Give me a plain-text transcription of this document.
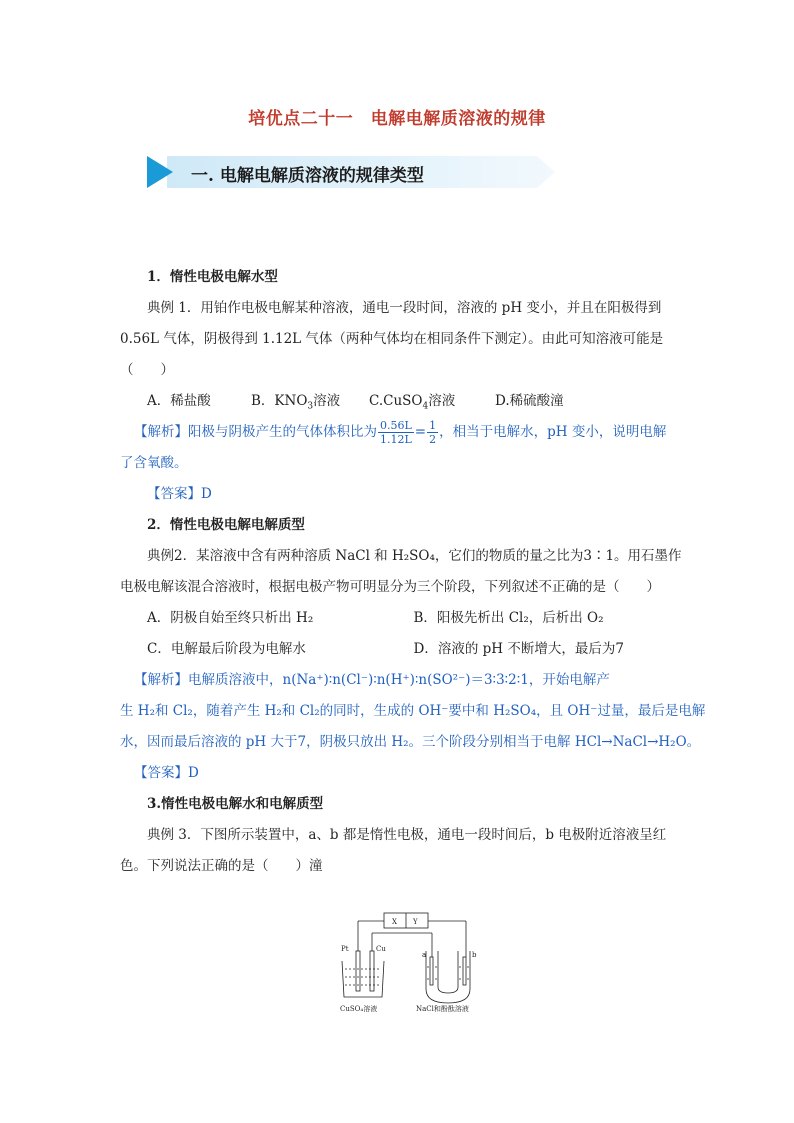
培优点二十一　电解电解质溶液的规律
一. 电解电解质溶液的规律类型

1．惰性电极电解水型

典例 1．用铂作电极电解某种溶液，通电一段时间，溶液的 pH 变小，并且在阳极得到

0.56L 气体，阴极得到 1.12L 气体（两种气体均在相同条件下测定）。由此可知溶液可能是

（　　）

A．稀盐酸	B．$KNO_3$溶液	C.CuSO$_4$溶液	D.稀硫酸潼

【解析】阳极与阴极产生的气体体积比为 $\frac{0.56L}{1.12L} = \frac{1}{2}$ ，相当于电解水，pH 变小，说明电解

了含氧酸。

【答案】D

2．惰性电极电解电解质型

典例2．某溶液中含有两种溶质 NaCl 和 H₂SO₄，它们的物质的量之比为3∶1。用石墨作

电极电解该混合溶液时，根据电极产物可明显分为三个阶段，下列叙述不正确的是（　　）

A．阴极自始至终只析出 H₂	B．阳极先析出 Cl₂，后析出 O₂

C．电解最后阶段为电解水	D．溶液的 pH 不断增大，最后为7

【解析】电解质溶液中，n(Na⁺)∶n(Cl⁻)∶n(H⁺)∶n(SO²⁻)＝3∶3∶2∶1，开始电解产

生 H₂和 Cl₂，随着产生 H₂和 Cl₂的同时，生成的 OH⁻要中和 H₂SO₄，且 OH⁻过量，最后是电解

水，因而最后溶液的 pH 大于7，阴极只放出 H₂。三个阶段分别相当于电解 HCl→NaCl→H₂O。

【答案】D

3.惰性电极电解水和电解质型

典例 3．下图所示装置中，a、b 都是惰性电极，通电一段时间后，b 电极附近溶液呈红

色。下列说法正确的是（　　）潼

X Y
Pt	Cu
a	b
CuSO₄溶液	NaCl和酚酞溶液
